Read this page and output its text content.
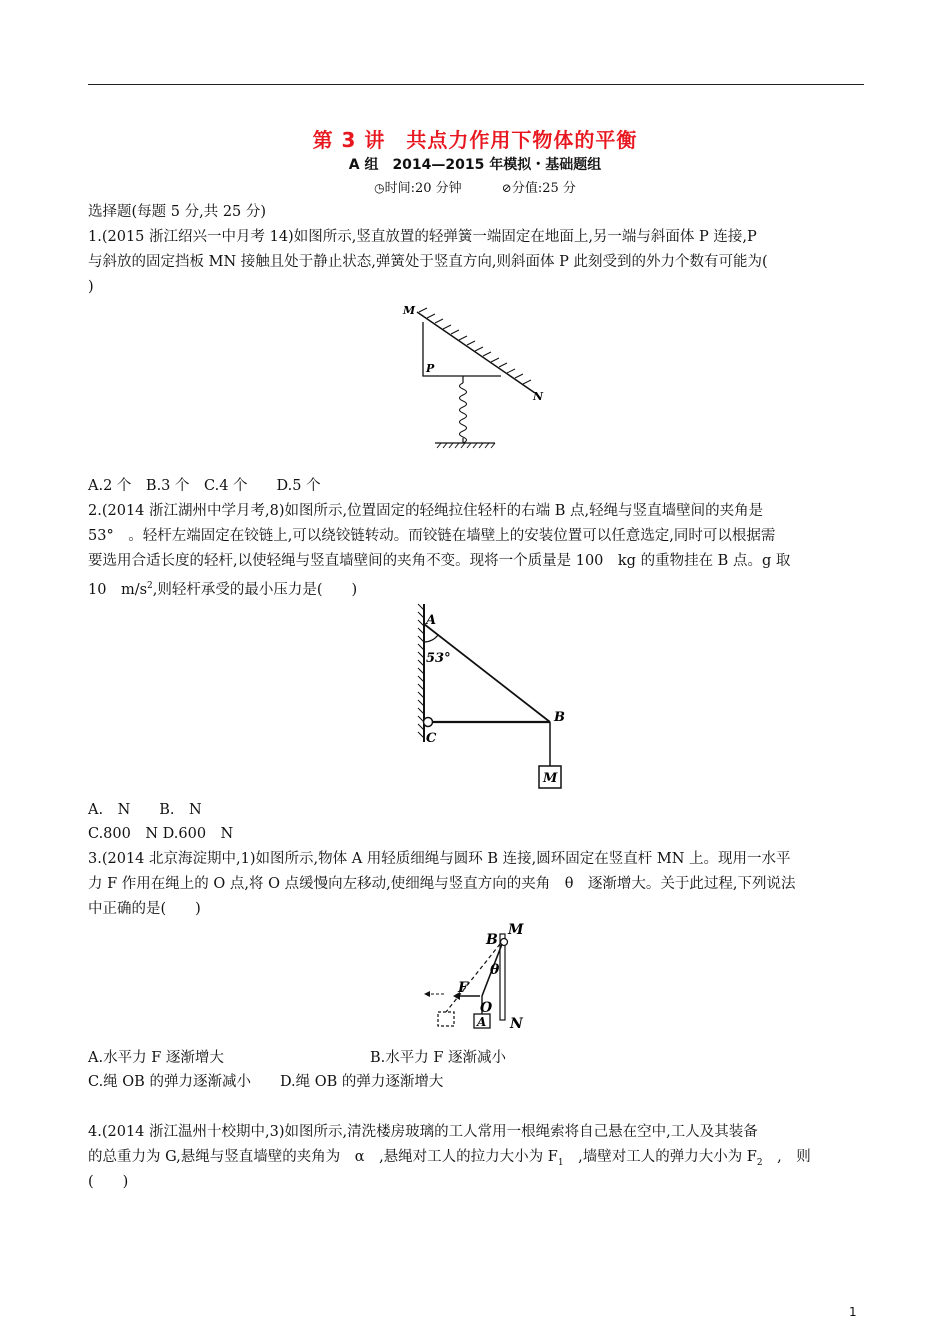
第 3 讲　共点力作用下物体的平衡
A 组　2014—2015 年模拟・基础题组
◷时间:20 分钟	⊘分值:25 分
选择题(每题 5 分,共 25 分)
1.(2015 浙江绍兴一中月考 14)如图所示,竖直放置的轻弹簧一端固定在地面上,另一端与斜面体 P 连接,P
与斜放的固定挡板 MN 接触且处于静止状态,弹簧处于竖直方向,则斜面体 P 此刻受到的外力个数有可能为(
)
M
P
N
A.2 个　B.3 个　C.4 个　　D.5 个
2.(2014 浙江湖州中学月考,8)如图所示,位置固定的轻绳拉住轻杆的右端 B 点,轻绳与竖直墙壁间的夹角是
53°　。轻杆左端固定在铰链上,可以绕铰链转动。而铰链在墙壁上的安装位置可以任意选定,同时可以根据需
要选用合适长度的轻杆,以使轻绳与竖直墙壁间的夹角不变。现将一个质量是 100　kg 的重物挂在 B 点。g 取
10　$m/s^2$,则轻杆承受的最小压力是(　　)
A
53°
B
C
M
A.　N　　B.　N
C.800　N D.600　N
3.(2014 北京海淀期中,1)如图所示,物体 A 用轻质细绳与圆环 B 连接,圆环固定在竖直杆 MN 上。现用一水平
力 F 作用在绳上的 O 点,将 O 点缓慢向左移动,使细绳与竖直方向的夹角　θ　逐渐增大。关于此过程,下列说法
中正确的是(　　)
B
M
θ
F
O
A N
A.水平力 F 逐渐增大	B.水平力 F 逐渐减小
C.绳 OB 的弹力逐渐减小　　D.绳 OB 的弹力逐渐增大
4.(2014 浙江温州十校期中,3)如图所示,清洗楼房玻璃的工人常用一根绳索将自己悬在空中,工人及其装备
的总重力为 G,悬绳与竖直墙壁的夹角为　α　,悬绳对工人的拉力大小为 $F_1$　,墙壁对工人的弹力大小为 $F_2$　,　则
(　　)
1
